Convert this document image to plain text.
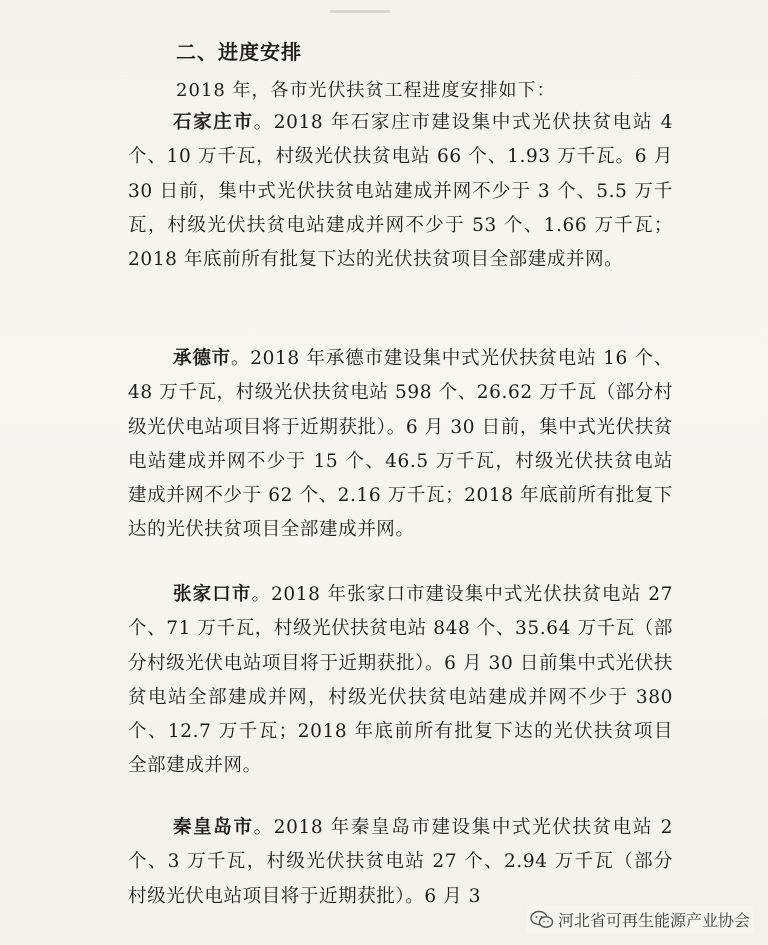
二、进度安排
2018 年，各市光伏扶贫工程进度安排如下：
石家庄市。2018 年石家庄市建设集中式光伏扶贫电站 4 个、10 万千瓦，村级光伏扶贫电站 66 个、1.93 万千瓦。6 月 30 日前，集中式光伏扶贫电站建成并网不少于 3 个、5.5 万千瓦，村级光伏扶贫电站建成并网不少于 53 个、1.66 万千瓦；2018 年底前所有批复下达的光伏扶贫项目全部建成并网。
承德市。2018 年承德市建设集中式光伏扶贫电站 16 个、48 万千瓦，村级光伏扶贫电站 598 个、26.62 万千瓦（部分村级光伏电站项目将于近期获批）。6 月 30 日前，集中式光伏扶贫电站建成并网不少于 15 个、46.5 万千瓦，村级光伏扶贫电站建成并网不少于 62 个、2.16 万千瓦；2018 年底前所有批复下达的光伏扶贫项目全部建成并网。
张家口市。2018 年张家口市建设集中式光伏扶贫电站 27 个、71 万千瓦，村级光伏扶贫电站 848 个、35.64 万千瓦（部分村级光伏电站项目将于近期获批）。6 月 30 日前集中式光伏扶贫电站全部建成并网，村级光伏扶贫电站建成并网不少于 380 个、12.7 万千瓦；2018 年底前所有批复下达的光伏扶贫项目全部建成并网。
秦皇岛市。2018 年秦皇岛市建设集中式光伏扶贫电站 2 个、3 万千瓦，村级光伏扶贫电站 27 个、2.94 万千瓦（部分村级光伏电站项目将于近期获批）。6 月 3
河北省可再生能源产业协会
